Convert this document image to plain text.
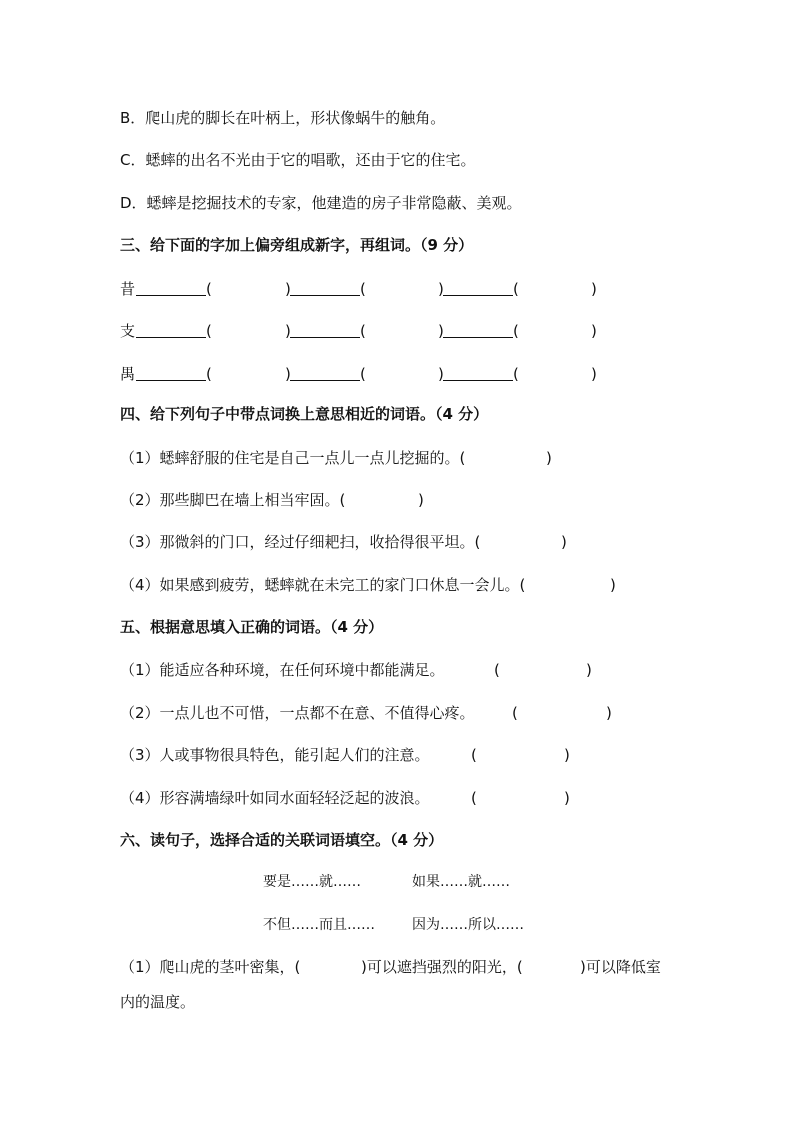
B．爬山虎的脚长在叶柄上，形状像蜗牛的触角。
C．蟋蟀的出名不光由于它的唱歌，还由于它的住宅。
D．蟋蟀是挖掘技术的专家，他建造的房子非常隐蔽、美观。
三、给下面的字加上偏旁组成新字，再组词。（9 分）
昔	(	)	(	)	(	)
支	(	)	(	)	(	)
禺	(	)	(	)	(	)
四、给下列句子中带点词换上意思相近的词语。（4 分）
（1）蟋蟀舒服的住宅是自己一点儿一点儿挖掘的。(	)
（2）那些脚巴在墙上相当牢固。(	)
（3）那微斜的门口，经过仔细耙扫，收拾得很平坦。(	)
（4）如果感到疲劳，蟋蟀就在未完工的家门口休息一会儿。(	)
五、根据意思填入正确的词语。（4 分）
（1）能适应各种环境，在任何环境中都能满足。	(	)
（2）一点儿也不可惜，一点都不在意、不值得心疼。 (	)
（3）人或事物很具特色，能引起人们的注意。	(	)
（4）形容满墙绿叶如同水面轻轻泛起的波浪。	(	)
六、读句子，选择合适的关联词语填空。（4 分）
要是……就……	如果……就……
不但……而且……	因为……所以……
（1）爬山虎的茎叶密集，(	)可以遮挡强烈的阳光，(	)可以降低室
内的温度。
